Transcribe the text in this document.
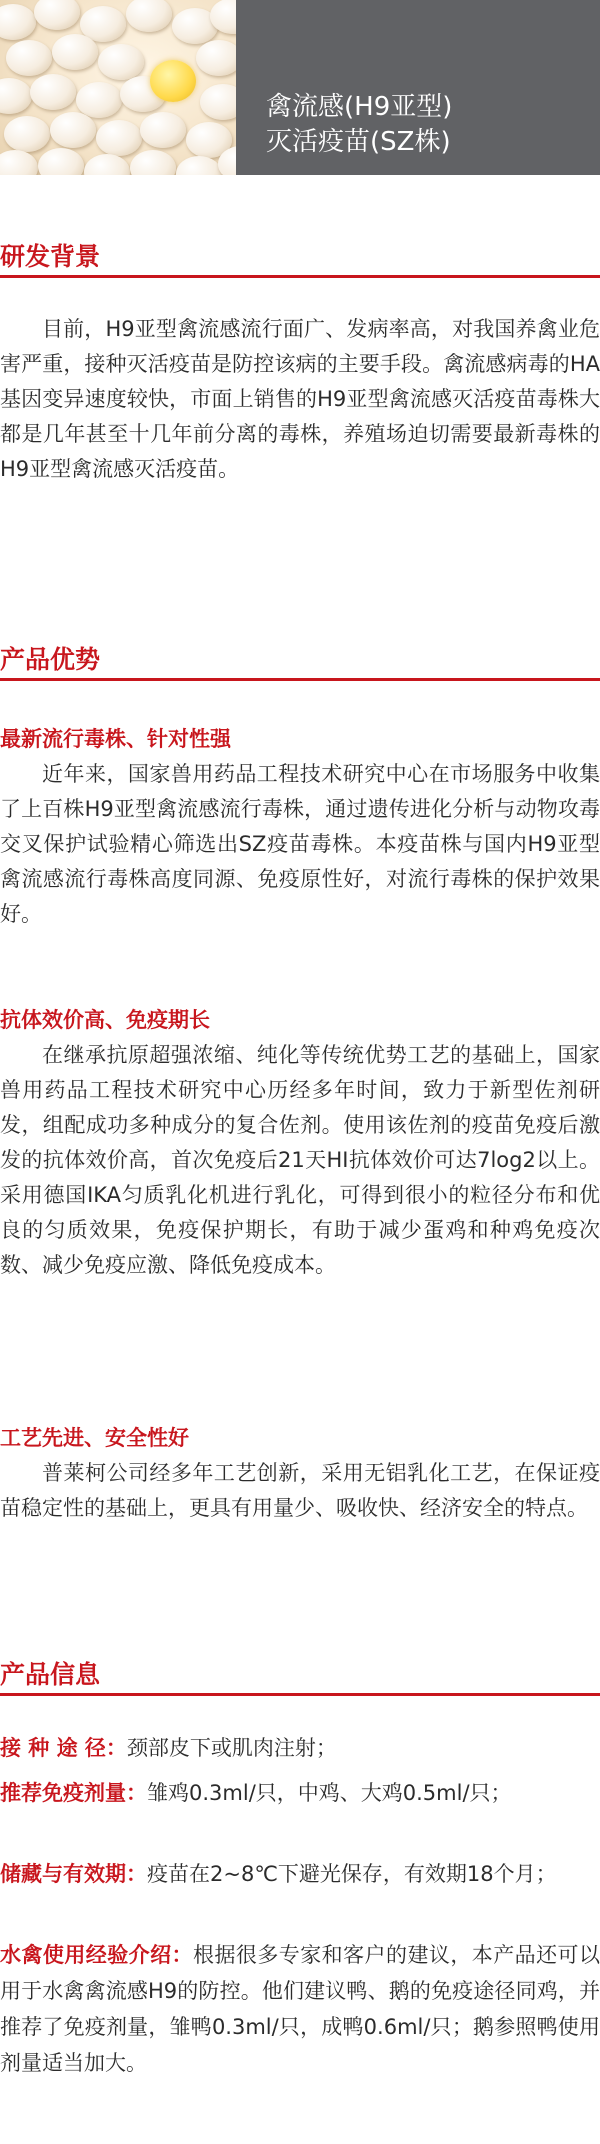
禽流感(H9亚型)
灭活疫苗(SZ株)
研发背景

目前，H9亚型禽流感流行面广、发病率高，对我国养禽业危害严重，接种灭活疫苗是防控该病的主要手段。禽流感病毒的HA基因变异速度较快，市面上销售的H9亚型禽流感灭活疫苗毒株大都是几年甚至十几年前分离的毒株，养殖场迫切需要最新毒株的H9亚型禽流感灭活疫苗。

产品优势
最新流行毒株、针对性强

近年来，国家兽用药品工程技术研究中心在市场服务中收集了上百株H9亚型禽流感流行毒株，通过遗传进化分析与动物攻毒交叉保护试验精心筛选出SZ疫苗毒株。本疫苗株与国内H9亚型禽流感流行毒株高度同源、免疫原性好，对流行毒株的保护效果好。

抗体效价高、免疫期长

在继承抗原超强浓缩、纯化等传统优势工艺的基础上，国家兽用药品工程技术研究中心历经多年时间，致力于新型佐剂研发，组配成功多种成分的复合佐剂。使用该佐剂的疫苗免疫后激发的抗体效价高，首次免疫后21天HI抗体效价可达7log2以上。采用德国IKA匀质乳化机进行乳化，可得到很小的粒径分布和优良的匀质效果，免疫保护期长，有助于减少蛋鸡和种鸡免疫次数、减少免疫应激、降低免疫成本。

工艺先进、安全性好

普莱柯公司经多年工艺创新，采用无铝乳化工艺，在保证疫苗稳定性的基础上，更具有用量少、吸收快、经济安全的特点。

产品信息

接 种 途 径：颈部皮下或肌肉注射；

推荐免疫剂量：雏鸡0.3ml/只，中鸡、大鸡0.5ml/只；

储藏与有效期：疫苗在2~8℃下避光保存，有效期18个月；

水禽使用经验介绍：根据很多专家和客户的建议，本产品还可以用于水禽禽流感H9的防控。他们建议鸭、鹅的免疫途径同鸡，并推荐了免疫剂量，雏鸭0.3ml/只，成鸭0.6ml/只；鹅参照鸭使用剂量适当加大。
